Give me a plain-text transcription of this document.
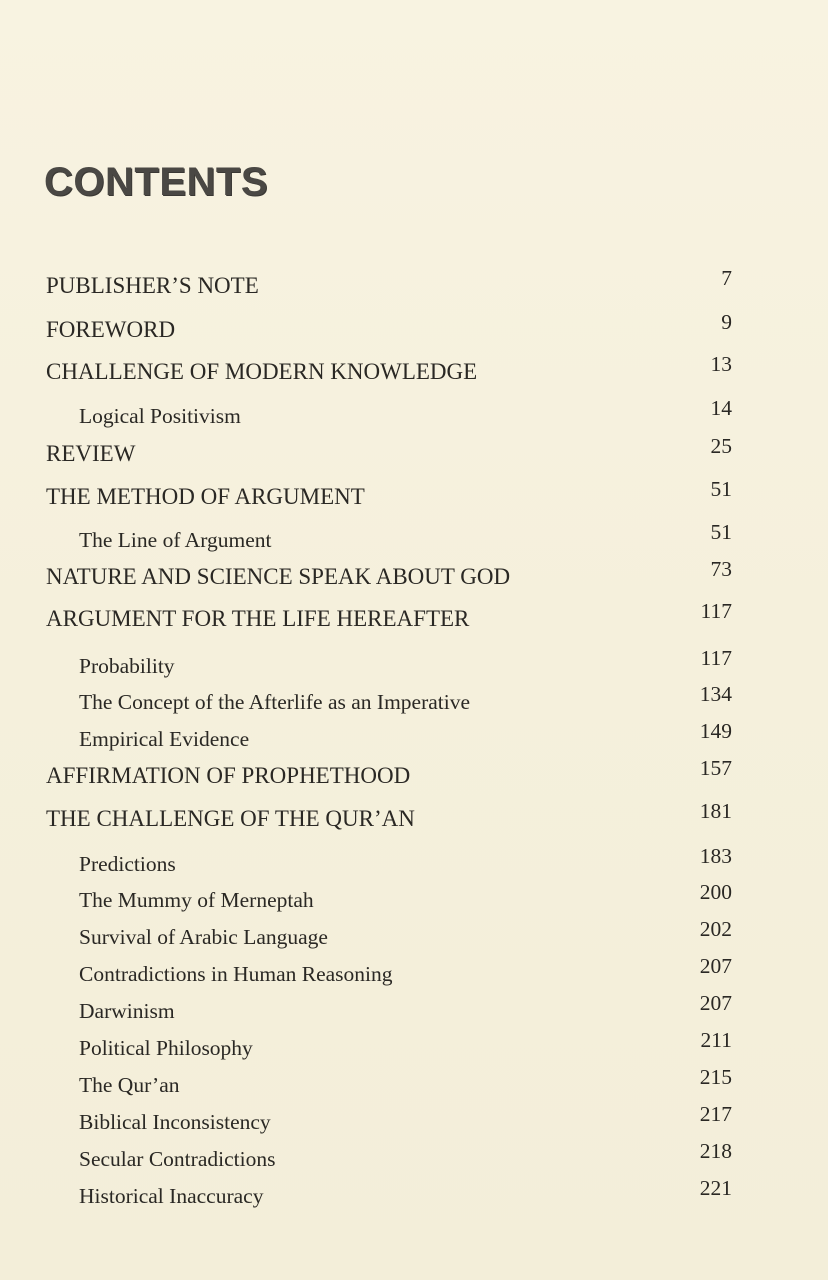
CONTENTS
PUBLISHER’S NOTE	7
FOREWORD	9
CHALLENGE OF MODERN KNOWLEDGE	13
Logical Positivism	14
REVIEW	25
THE METHOD OF ARGUMENT	51
The Line of Argument	51
NATURE AND SCIENCE SPEAK ABOUT GOD	73
ARGUMENT FOR THE LIFE HEREAFTER	117
Probability	117
The Concept of the Afterlife as an Imperative	134
Empirical Evidence	149
AFFIRMATION OF PROPHETHOOD	157
THE CHALLENGE OF THE QUR’AN	181
Predictions	183
The Mummy of Merneptah	200
Survival of Arabic Language	202
Contradictions in Human Reasoning	207
Darwinism	207
Political Philosophy	211
The Qur’an	215
Biblical Inconsistency	217
Secular Contradictions	218
Historical Inaccuracy	221
